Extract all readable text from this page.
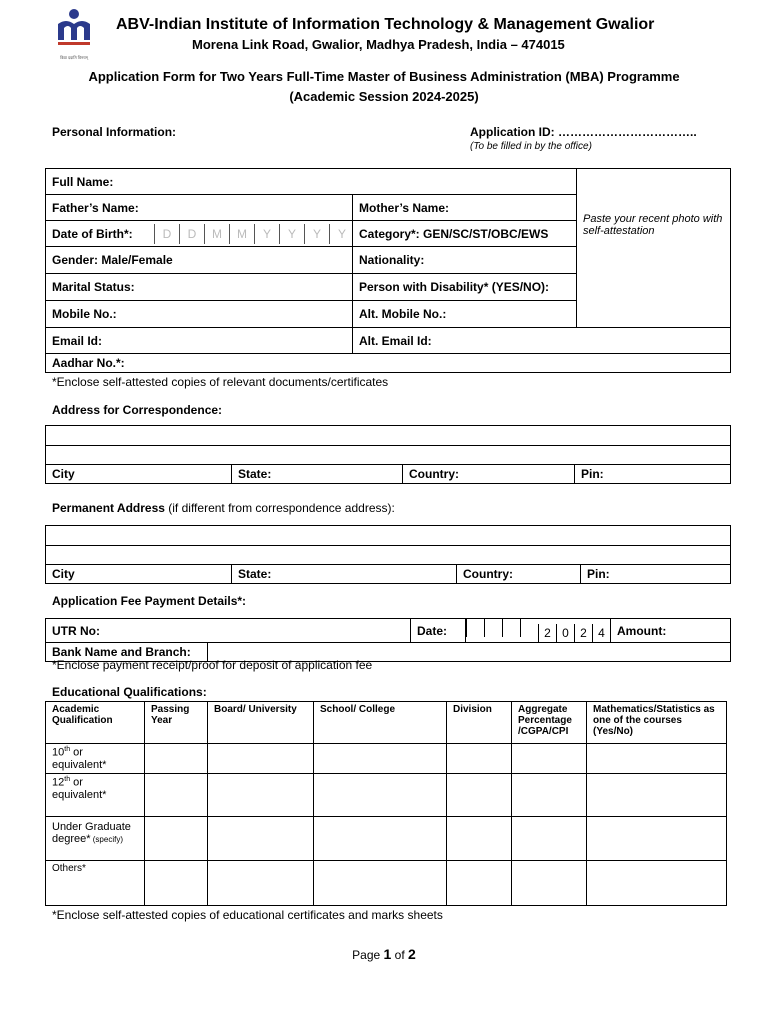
विद्या ददाति विनयम्
ABV-Indian Institute of Information Technology & Management Gwalior
Morena Link Road, Gwalior, Madhya Pradesh, India – 474015
Application Form for Two Years Full-Time Master of Business Administration (MBA) Programme
(Academic Session 2024-2025)
Personal Information:	Application ID: ……………………………..
(To be filled in by the office)
Full Name:		Paste your recent photo with self-attestation
Father’s Name:	Mother’s Name:	
Date of Birth*: D D M M Y Y Y Y	Category*: GEN/SC/ST/OBC/EWS	
Gender: Male/Female	Nationality:	
Marital Status:	Person with Disability* (YES/NO):	
Mobile No.:	Alt. Mobile No.:	
Email Id:	Alt. Email Id:	
Aadhar No.*:		
*Enclose self-attested copies of relevant documents/certificates
Address for Correspondence:

City	State:	Country:	Pin:
Permanent Address (if different from correspondence address):

City	State:	Country:	Pin:
Application Fee Payment Details*:
UTR No:		Date:	2 0 2 4	Amount:
Bank Name and Branch:				
*Enclose payment receipt/proof for deposit of application fee
Educational Qualifications:
Academic Qualification	Passing Year	Board/ University	School/ College	Division	Aggregate Percentage /CGPA/CPI	Mathematics/Statistics as one of the courses (Yes/No)
10th or equivalent*						
12th or equivalent*						
Under Graduate degree* (specify)						
Others*						
*Enclose self-attested copies of educational certificates and marks sheets
Page 1 of 2
